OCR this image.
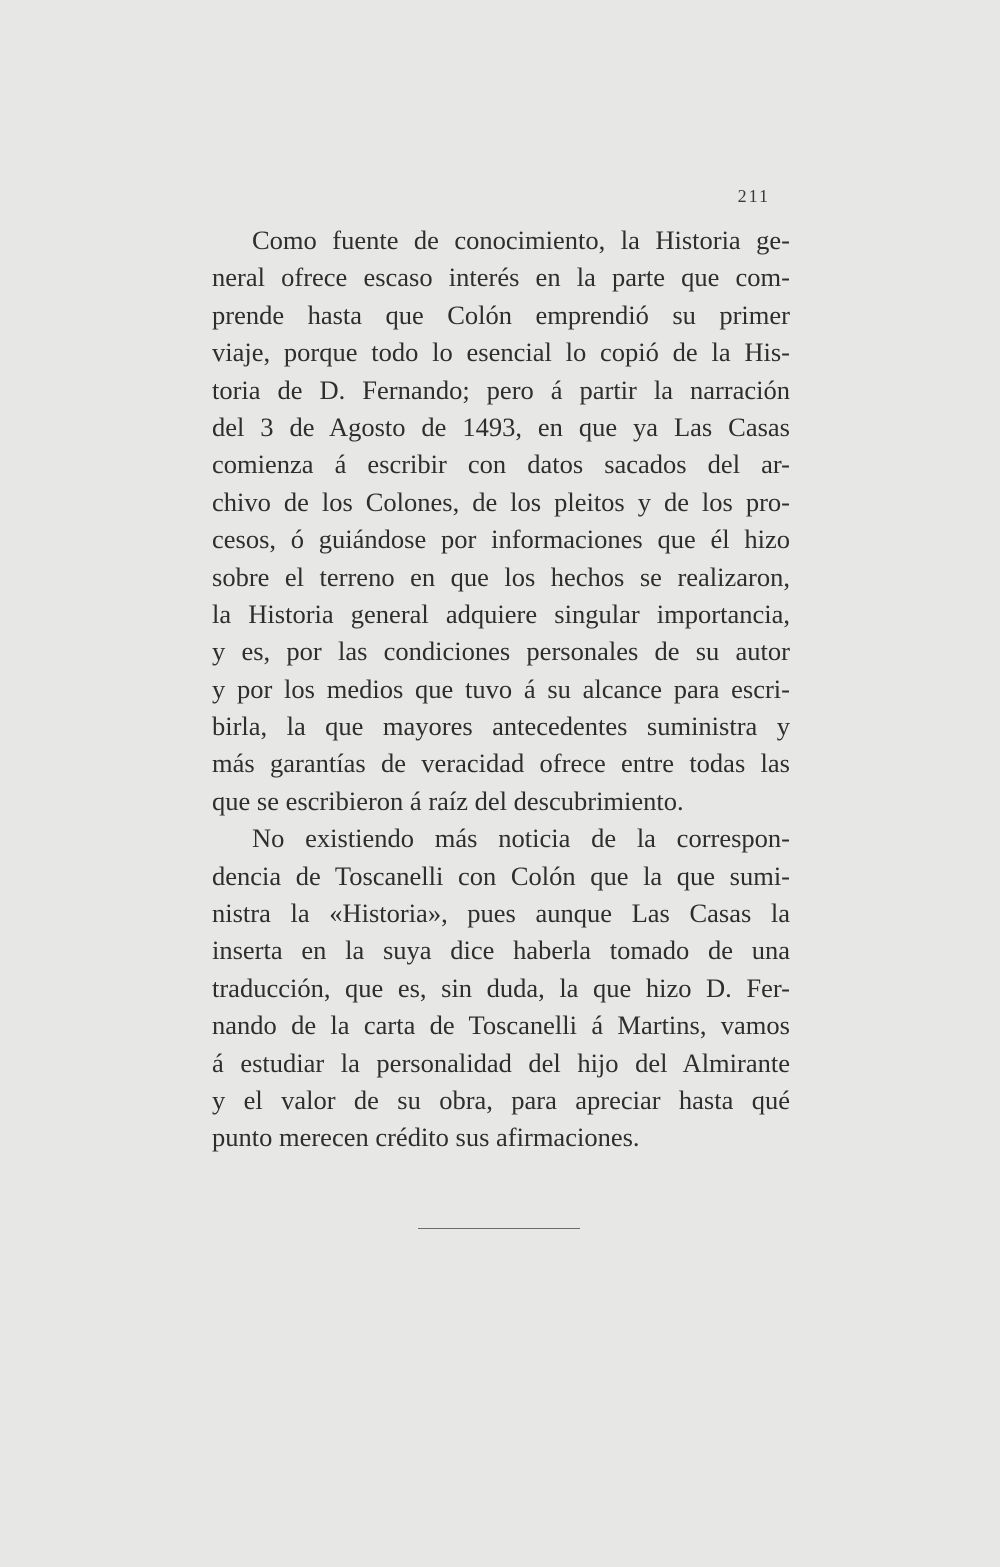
211
Como fuente de conocimiento, la Historia ge-
neral ofrece escaso interés en la parte que com-
prende hasta que Colón emprendió su primer
viaje, porque todo lo esencial lo copió de la His-
toria de D. Fernando; pero á partir la narración
del 3 de Agosto de 1493, en que ya Las Casas
comienza á escribir con datos sacados del ar-
chivo de los Colones, de los pleitos y de los pro-
cesos, ó guiándose por informaciones que él hizo
sobre el terreno en que los hechos se realizaron,
la Historia general adquiere singular importancia,
y es, por las condiciones personales de su autor
y por los medios que tuvo á su alcance para escri-
birla, la que mayores antecedentes suministra y
más garantías de veracidad ofrece entre todas las
que se escribieron á raíz del descubrimiento.
No existiendo más noticia de la correspon-
dencia de Toscanelli con Colón que la que sumi-
nistra la «Historia», pues aunque Las Casas la
inserta en la suya dice haberla tomado de una
traducción, que es, sin duda, la que hizo D. Fer-
nando de la carta de Toscanelli á Martins, vamos
á estudiar la personalidad del hijo del Almirante
y el valor de su obra, para apreciar hasta qué
punto merecen crédito sus afirmaciones.
